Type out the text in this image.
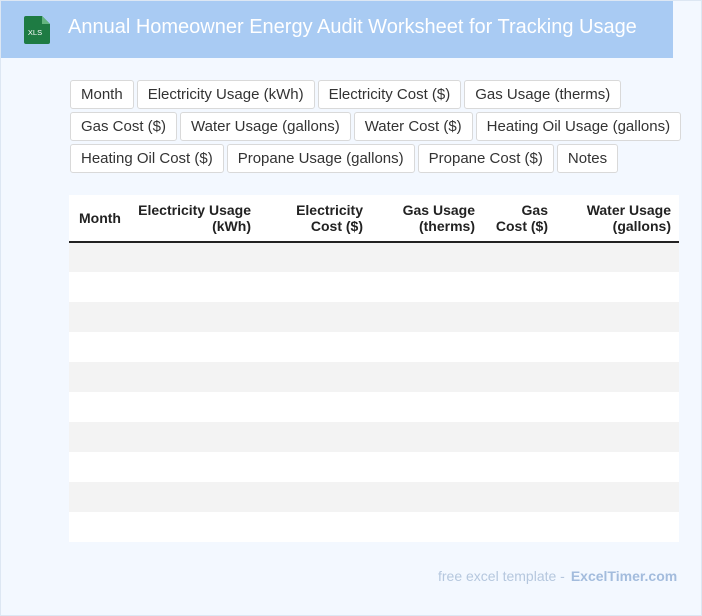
XLS Annual Homeowner Energy Audit Worksheet for Tracking Usage
Month	Electricity Usage (kWh)	Electricity Cost ($)	Gas Usage (therms)
Gas Cost ($)	Water Usage (gallons)	Water Cost ($)	Heating Oil Usage (gallons)
Heating Oil Cost ($)	Propane Usage (gallons)	Propane Cost ($)	Notes
Month	Electricity Usage (kWh)	Electricity Cost ($)	Gas Usage (therms)	Gas Cost ($)	Water Usage (gallons)

free excel template - ExcelTimer.com
